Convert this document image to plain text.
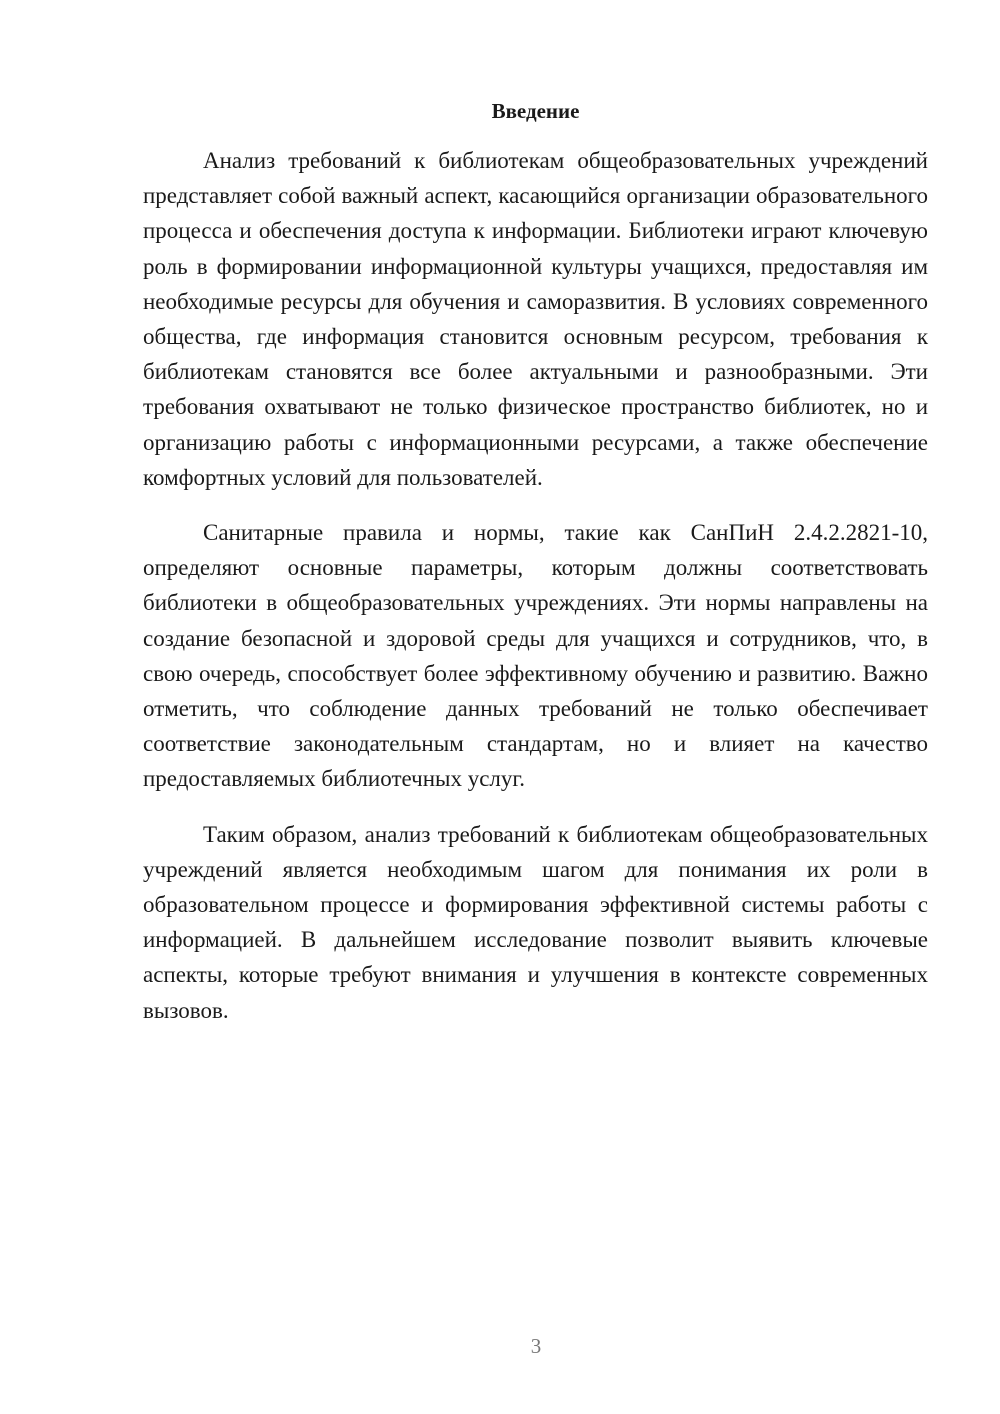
Введение

Анализ требований к библиотекам общеобразовательных учреждений представляет собой важный аспект, касающийся организации образовательного процесса и обеспечения доступа к информации. Библиотеки играют ключевую роль в формировании информационной культуры учащихся, предоставляя им необходимые ресурсы для обучения и саморазвития. В условиях современного общества, где информация становится основным ресурсом, требования к библиотекам становятся все более актуальными и разнообразными. Эти требования охватывают не только физическое пространство библиотек, но и организацию работы с информационными ресурсами, а также обеспечение комфортных условий для пользователей.

Санитарные правила и нормы, такие как СанПиН 2.4.2.2821-10, определяют основные параметры, которым должны соответствовать библиотеки в общеобразовательных учреждениях. Эти нормы направлены на создание безопасной и здоровой среды для учащихся и сотрудников, что, в свою очередь, способствует более эффективному обучению и развитию. Важно отметить, что соблюдение данных требований не только обеспечивает соответствие законодательным стандартам, но и влияет на качество предоставляемых библиотечных услуг.

Таким образом, анализ требований к библиотекам общеобразовательных учреждений является необходимым шагом для понимания их роли в образовательном процессе и формирования эффективной системы работы с информацией. В дальнейшем исследование позволит выявить ключевые аспекты, которые требуют внимания и улучшения в контексте современных вызовов.

3
